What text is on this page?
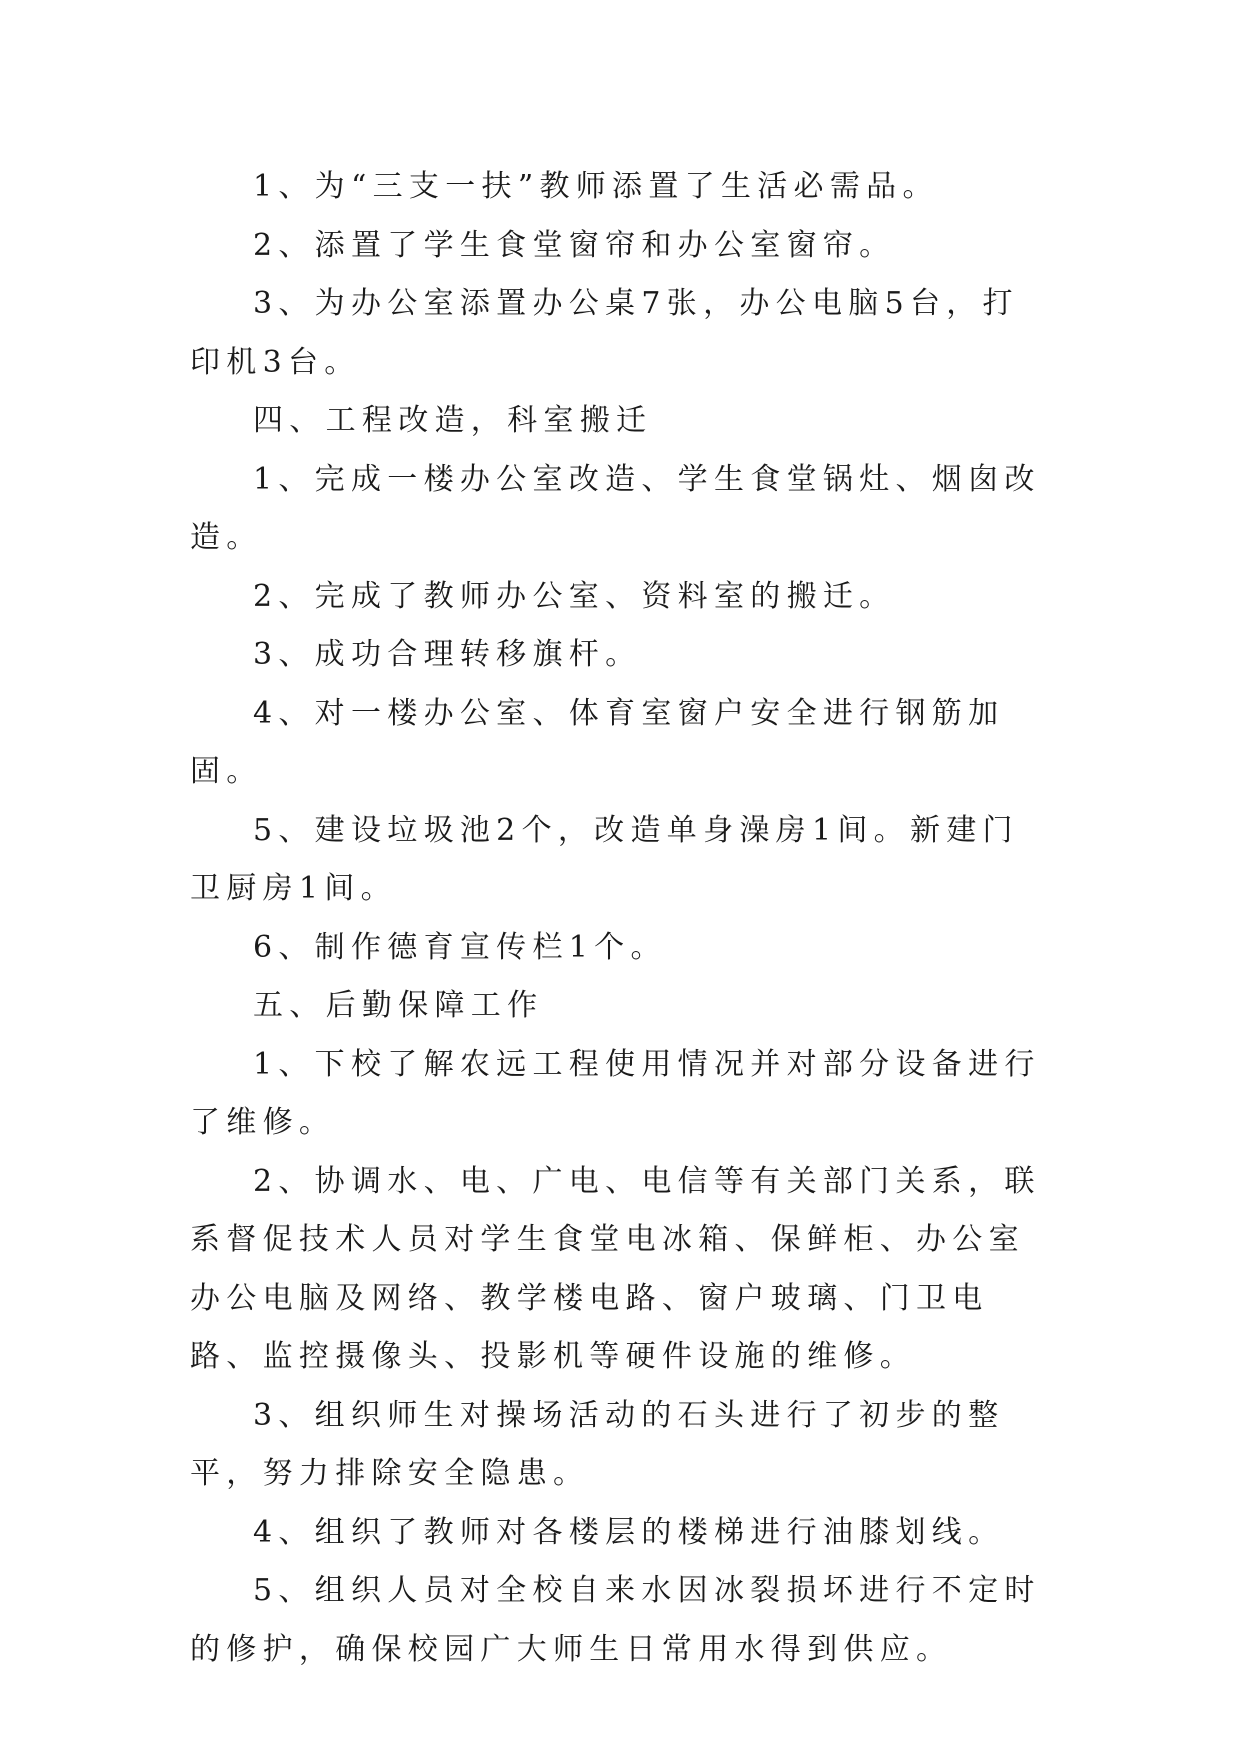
1、为“三支一扶”教师添置了生活必需品。

2、添置了学生食堂窗帘和办公室窗帘。

3、为办公室添置办公桌7张，办公电脑5台，打印机3台。

四、工程改造，科室搬迁

1、完成一楼办公室改造、学生食堂锅灶、烟囱改造。

2、完成了教师办公室、资料室的搬迁。

3、成功合理转移旗杆。

4、对一楼办公室、体育室窗户安全进行钢筋加固。

5、建设垃圾池2个，改造单身澡房1间。新建门卫厨房1间。

6、制作德育宣传栏1个。

五、后勤保障工作

1、下校了解农远工程使用情况并对部分设备进行了维修。

2、协调水、电、广电、电信等有关部门关系，联系督促技术人员对学生食堂电冰箱、保鲜柜、办公室办公电脑及网络、教学楼电路、窗户玻璃、门卫电路、监控摄像头、投影机等硬件设施的维修。

3、组织师生对操场活动的石头进行了初步的整平，努力排除安全隐患。

4、组织了教师对各楼层的楼梯进行油膝划线。

5、组织人员对全校自来水因冰裂损坏进行不定时的修护，确保校园广大师生日常用水得到供应。
